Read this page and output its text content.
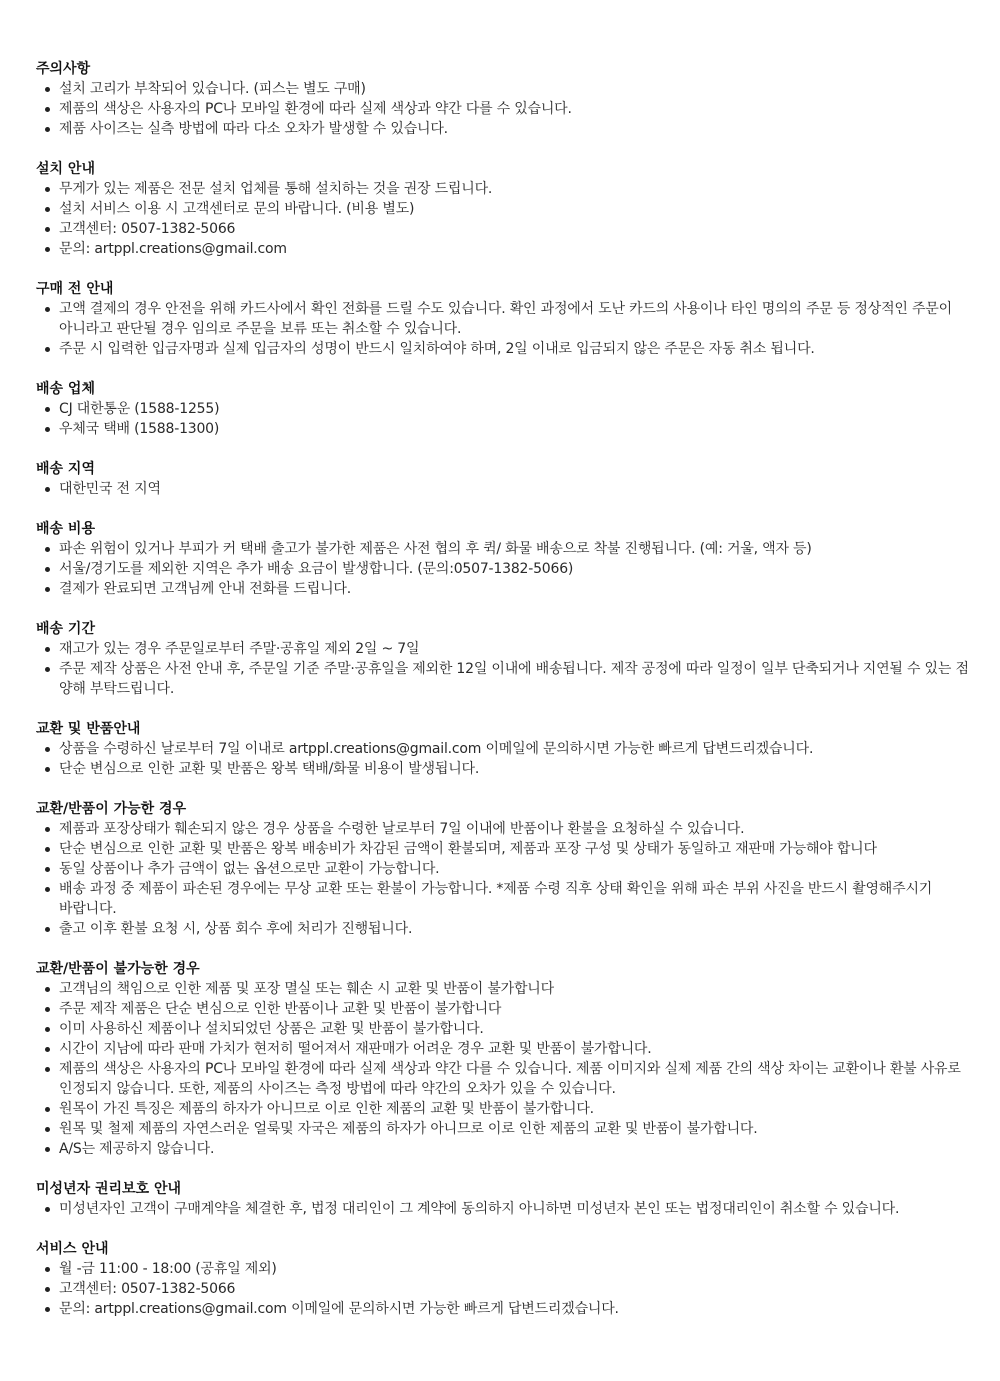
주의사항
설치 고리가 부착되어 있습니다. (피스는 별도 구매)
제품의 색상은 사용자의 PC나 모바일 환경에 따라 실제 색상과 약간 다를 수 있습니다.
제품 사이즈는 실측 방법에 따라 다소 오차가 발생할 수 있습니다.
설치 안내
무게가 있는 제품은 전문 설치 업체를 통해 설치하는 것을 권장 드립니다.
설치 서비스 이용 시 고객센터로 문의 바랍니다. (비용 별도)
고객센터: 0507-1382-5066
문의: artppl.creations@gmail.com
구매 전 안내
고액 결제의 경우 안전을 위해 카드사에서 확인 전화를 드릴 수도 있습니다. 확인 과정에서 도난 카드의 사용이나 타인 명의의 주문 등 정상적인 주문이 아니라고 판단될 경우 임의로 주문을 보류 또는 취소할 수 있습니다.
주문 시 입력한 입금자명과 실제 입금자의 성명이 반드시 일치하여야 하며, 2일 이내로 입금되지 않은 주문은 자동 취소 됩니다.
배송 업체
CJ 대한통운 (1588-1255)
우체국 택배 (1588-1300)
배송 지역
대한민국 전 지역
배송 비용
파손 위험이 있거나 부피가 커 택배 출고가 불가한 제품은 사전 협의 후 퀵/ 화물 배송으로 착불 진행됩니다. (예: 거울, 액자 등)
서울/경기도를 제외한 지역은 추가 배송 요금이 발생합니다. (문의:0507-1382-5066)
결제가 완료되면 고객님께 안내 전화를 드립니다.
배송 기간
재고가 있는 경우 주문일로부터 주말·공휴일 제외 2일 ~ 7일
주문 제작 상품은 사전 안내 후, 주문일 기준 주말·공휴일을 제외한 12일 이내에 배송됩니다. 제작 공정에 따라 일정이 일부 단축되거나 지연될 수 있는 점 양해 부탁드립니다.
교환 및 반품안내
상품을 수령하신 날로부터 7일 이내로 artppl.creations@gmail.com 이메일에 문의하시면 가능한 빠르게 답변드리겠습니다.
단순 변심으로 인한 교환 및 반품은 왕복 택배/화물 비용이 발생됩니다.
교환/반품이 가능한 경우
제품과 포장상태가 훼손되지 않은 경우 상품을 수령한 날로부터 7일 이내에 반품이나 환불을 요청하실 수 있습니다.
단순 변심으로 인한 교환 및 반품은 왕복 배송비가 차감된 금액이 환불되며, 제품과 포장 구성 및 상태가 동일하고 재판매 가능해야 합니다
동일 상품이나 추가 금액이 없는 옵션으로만 교환이 가능합니다.
배송 과정 중 제품이 파손된 경우에는 무상 교환 또는 환불이 가능합니다. *제품 수령 직후 상태 확인을 위해 파손 부위 사진을 반드시 촬영해주시기 바랍니다.
출고 이후 환불 요청 시, 상품 회수 후에 처리가 진행됩니다.
교환/반품이 불가능한 경우
고객님의 책임으로 인한 제품 및 포장 멸실 또는 훼손 시 교환 및 반품이 불가합니다
주문 제작 제품은 단순 변심으로 인한 반품이나 교환 및 반품이 불가합니다
이미 사용하신 제품이나 설치되었던 상품은 교환 및 반품이 불가합니다.
시간이 지남에 따라 판매 가치가 현저히 떨어져서 재판매가 어려운 경우 교환 및 반품이 불가합니다.
제품의 색상은 사용자의 PC나 모바일 환경에 따라 실제 색상과 약간 다를 수 있습니다. 제품 이미지와 실제 제품 간의 색상 차이는 교환이나 환불 사유로 인정되지 않습니다. 또한, 제품의 사이즈는 측정 방법에 따라 약간의 오차가 있을 수 있습니다.
원목이 가진 특징은 제품의 하자가 아니므로 이로 인한 제품의 교환 및 반품이 불가합니다.
원목 및 철제 제품의 자연스러운 얼룩및 자국은 제품의 하자가 아니므로 이로 인한 제품의 교환 및 반품이 불가합니다.
A/S는 제공하지 않습니다.
미성년자 권리보호 안내
미성년자인 고객이 구매계약을 체결한 후, 법정 대리인이 그 계약에 동의하지 아니하면 미성년자 본인 또는 법정대리인이 취소할 수 있습니다.
서비스 안내
월 -금 11:00 - 18:00 (공휴일 제외)
고객센터: 0507-1382-5066
문의: artppl.creations@gmail.com 이메일에 문의하시면 가능한 빠르게 답변드리겠습니다.
